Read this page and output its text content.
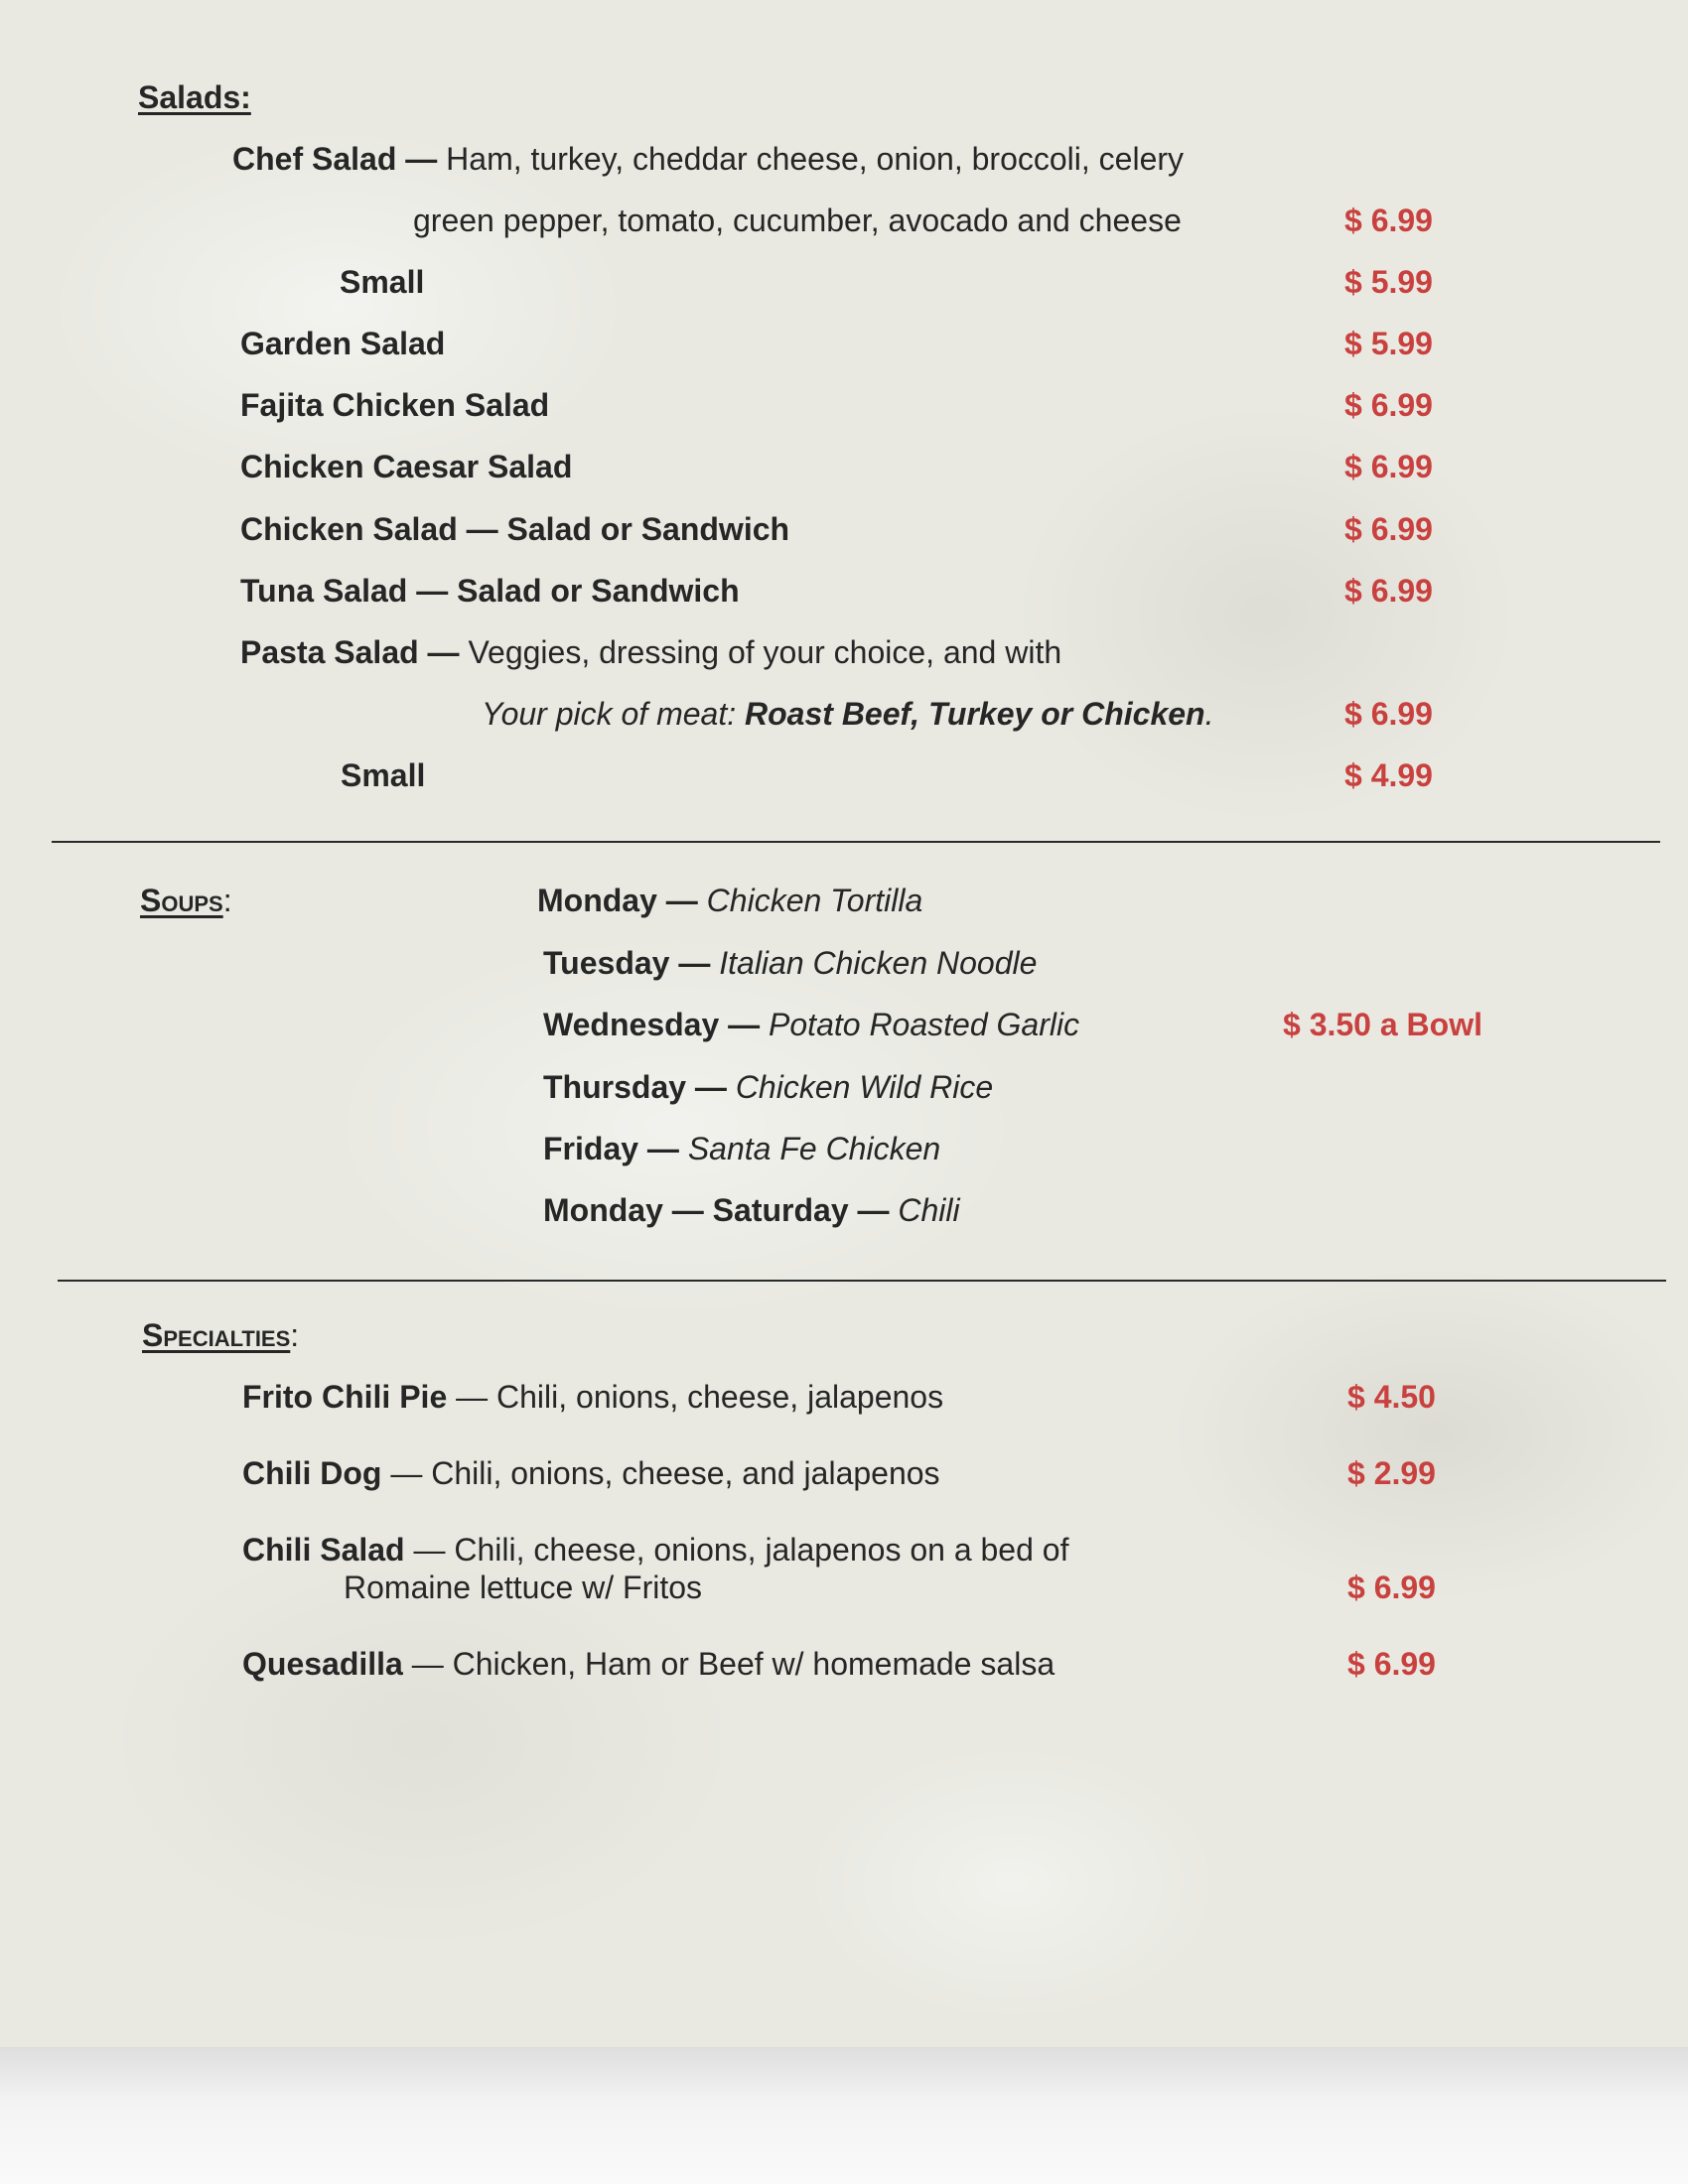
Salads:
Chef Salad — Ham, turkey, cheddar cheese, onion, broccoli, celery
green pepper, tomato, cucumber, avocado and cheese	$ 6.99
Small	$ 5.99
Garden Salad	$ 5.99
Fajita Chicken Salad	$ 6.99
Chicken Caesar Salad	$ 6.99
Chicken Salad — Salad or Sandwich	$ 6.99
Tuna Salad — Salad or Sandwich	$ 6.99
Pasta Salad — Veggies, dressing of your choice, and with
Your pick of meat: Roast Beef, Turkey or Chicken.	$ 6.99
Small	$ 4.99
Soups:	Monday — Chicken Tortilla
Tuesday — Italian Chicken Noodle
Wednesday — Potato Roasted Garlic	$ 3.50 a Bowl
Thursday — Chicken Wild Rice
Friday — Santa Fe Chicken
Monday — Saturday — Chili
Specialties:
Frito Chili Pie — Chili, onions, cheese, jalapenos	$ 4.50
Chili Dog — Chili, onions, cheese, and jalapenos	$ 2.99
Chili Salad — Chili, cheese, onions, jalapenos on a bed of
Romaine lettuce w/ Fritos	$ 6.99
Quesadilla — Chicken, Ham or Beef w/ homemade salsa	$ 6.99
